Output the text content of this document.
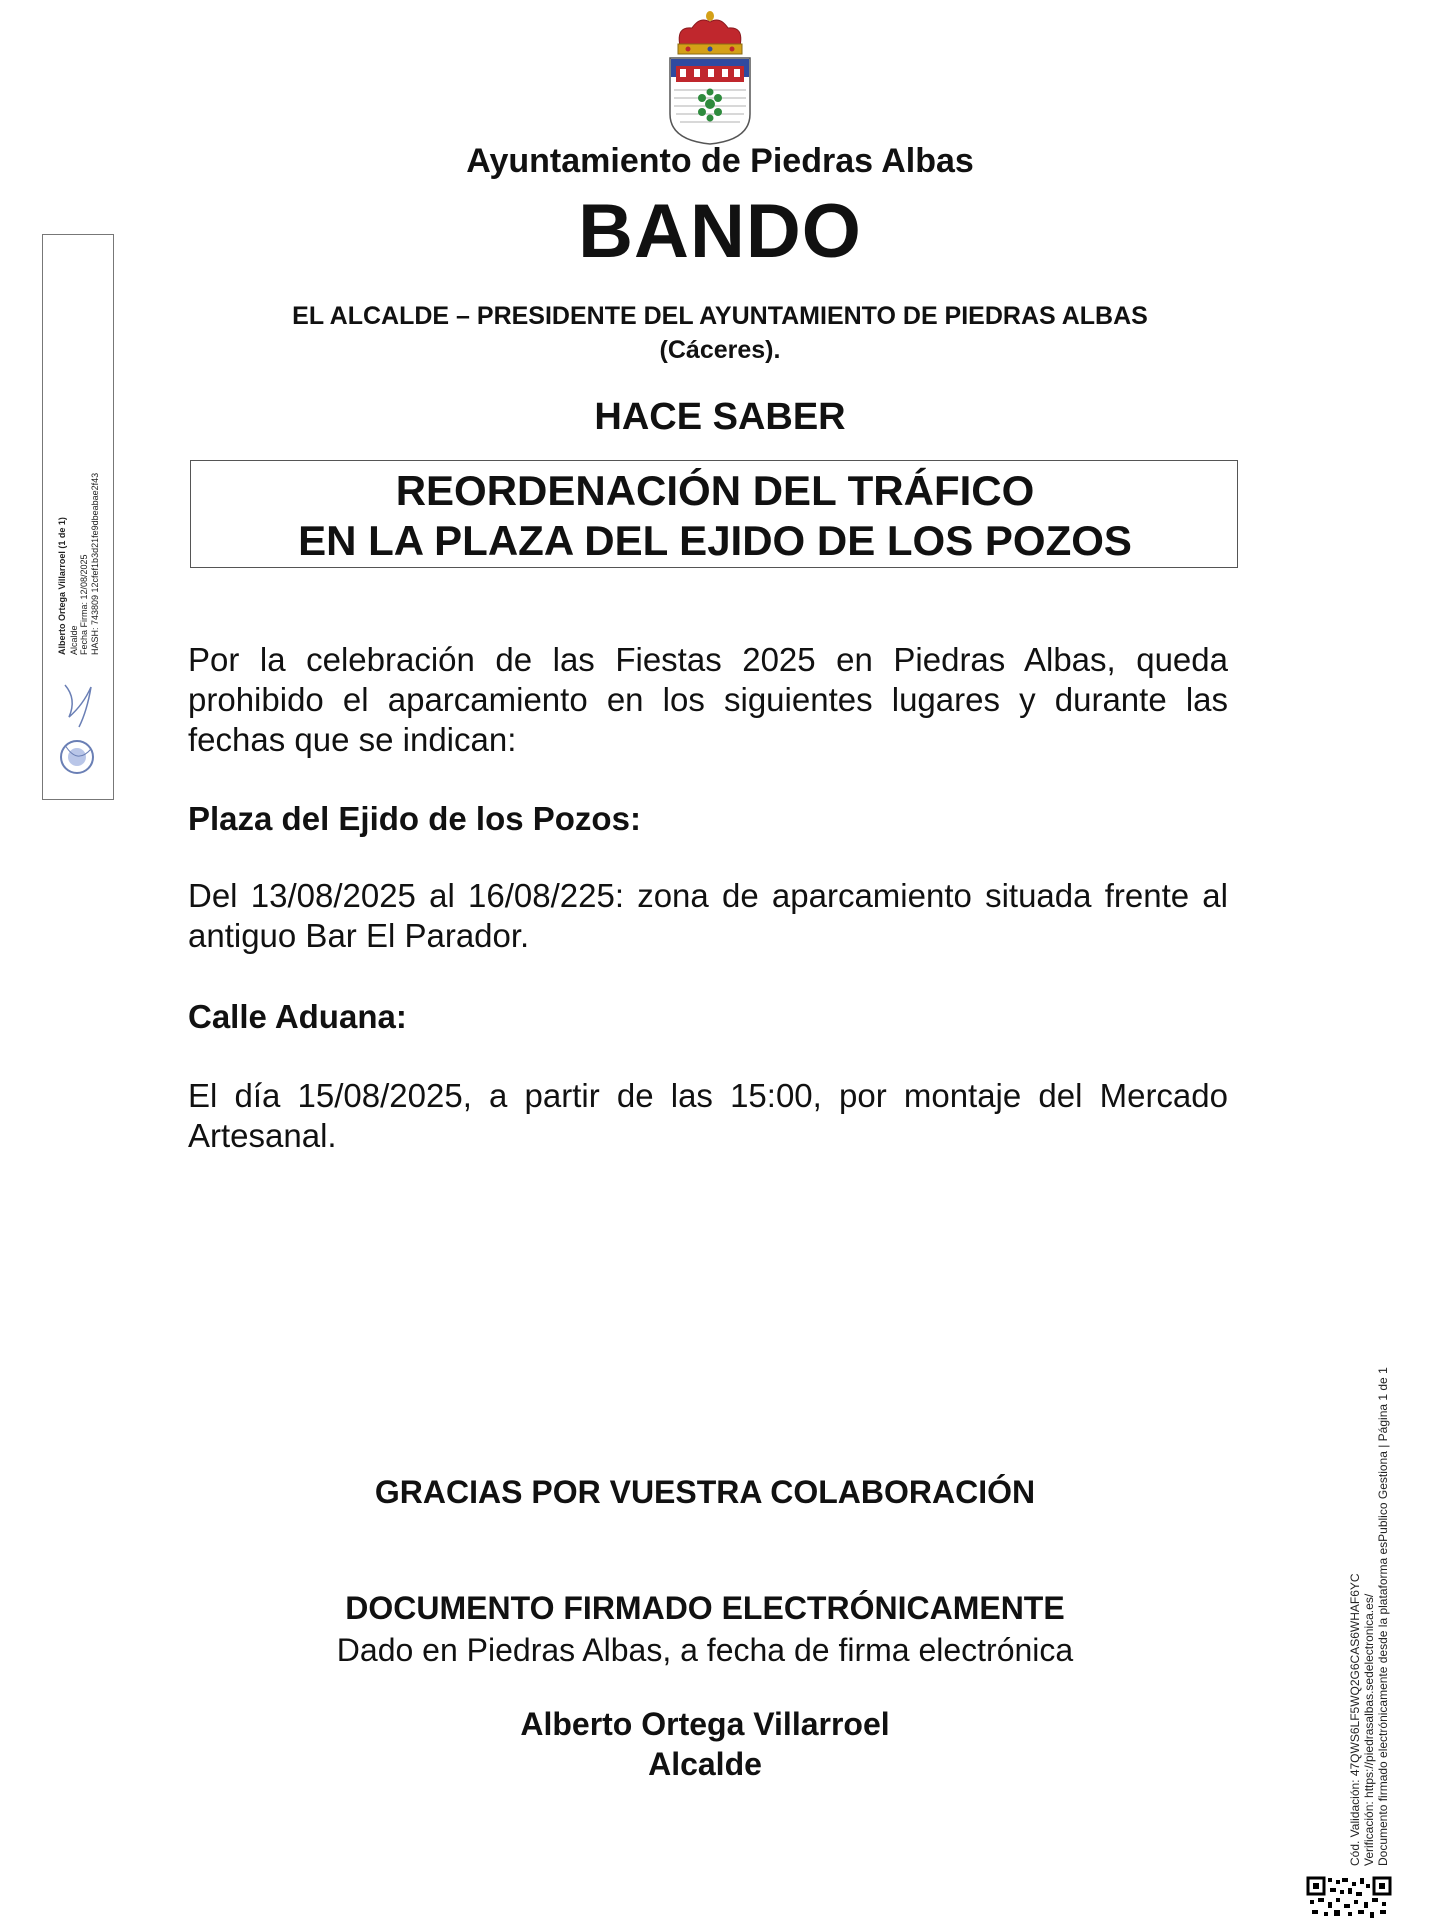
Ayuntamiento de Piedras Albas
BANDO
EL ALCALDE – PRESIDENTE DEL AYUNTAMIENTO DE PIEDRAS ALBAS
(Cáceres).
HACE SABER
REORDENACIÓN DEL TRÁFICO
EN LA PLAZA DEL EJIDO DE LOS POZOS
Por la celebración de las Fiestas 2025 en Piedras Albas, queda prohibido el aparcamiento en los siguientes lugares y durante las fechas que se indican:
Plaza del Ejido de los Pozos:
Del 13/08/2025 al 16/08/225: zona de aparcamiento situada frente al antiguo Bar El Parador.
Calle Aduana:
El día 15/08/2025, a partir de las 15:00, por montaje del Mercado Artesanal.
GRACIAS POR VUESTRA COLABORACIÓN
DOCUMENTO FIRMADO ELECTRÓNICAMENTE
Dado en Piedras Albas, a fecha de firma electrónica
Alberto Ortega Villarroel
Alcalde
Alberto Ortega Villarroel (1 de 1) Alcalde Fecha Firma: 12/08/2025 HASH: 743809 12cfef1b3d21fe9dbeabae2f43
Cód. Validación: 47QWS6LF5WQ2G6CAS6WHAF6YC Verificación: https://piedrasalbas.sedelectronica.es/ Documento firmado electrónicamente desde la plataforma esPublico Gestiona | Página 1 de 1
